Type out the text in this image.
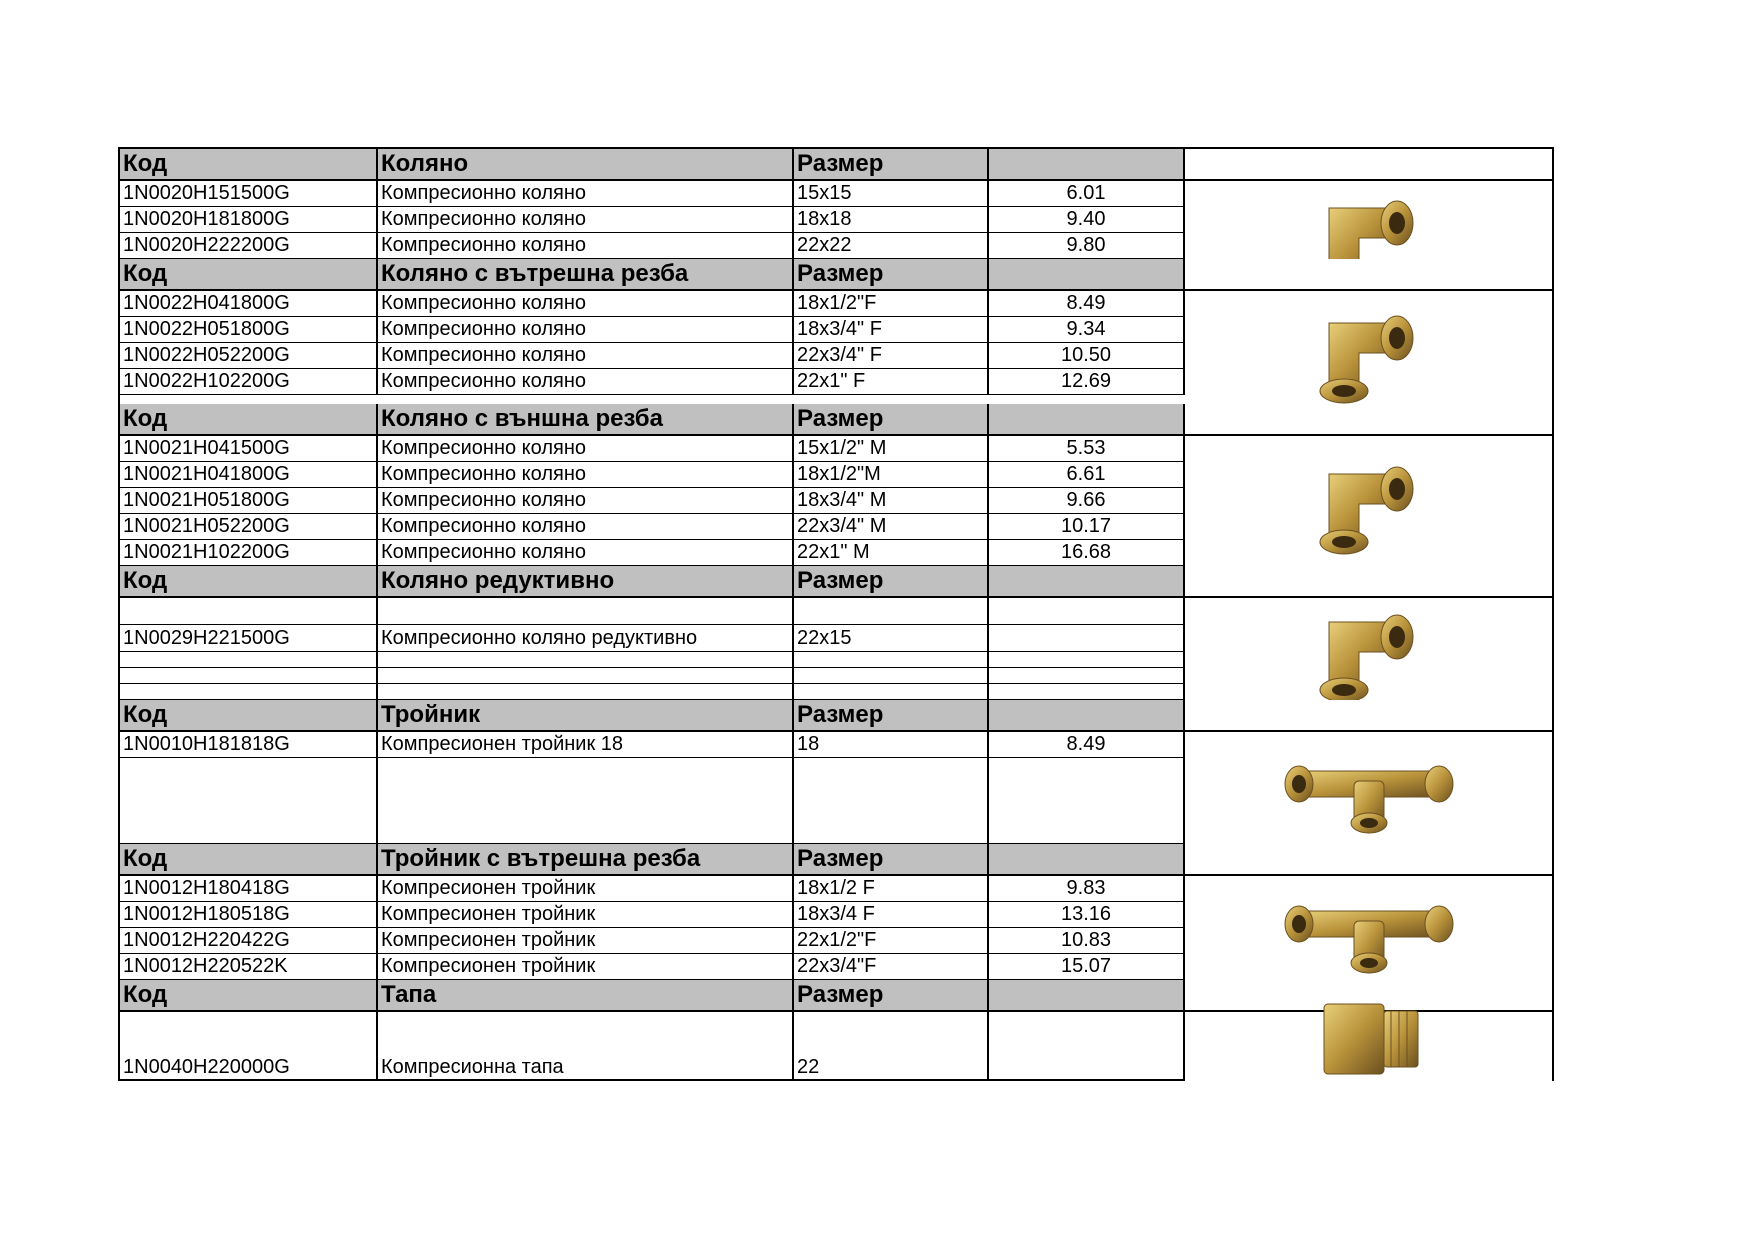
Код	Коляно	Размер
1N0020H151500G	Компресионно коляно	15x15	6.01
1N0020H181800G	Компресионно коляно	18x18	9.40
1N0020H222200G	Компресионно коляно	22x22	9.80
Код	Коляно с вътрешна резба	Размер
1N0022H041800G	Компресионно коляно	18x1/2"F	8.49
1N0022H051800G	Компресионно коляно	18x3/4" F	9.34
1N0022H052200G	Компресионно коляно	22x3/4" F	10.50
1N0022H102200G	Компресионно коляно	22x1" F	12.69
Код	Коляно с външна резба	Размер
1N0021H041500G	Компресионно коляно	15x1/2" M	5.53
1N0021H041800G	Компресионно коляно	18x1/2"M	6.61
1N0021H051800G	Компресионно коляно	18x3/4" M	9.66
1N0021H052200G	Компресионно коляно	22x3/4" M	10.17
1N0021H102200G	Компресионно коляно	22x1" M	16.68
Код	Коляно редуктивно	Размер
1N0029H221500G	Компресионно коляно редуктивно	22x15
Код	Тройник	Размер
1N0010H181818G	Компресионен тройник 18	18	8.49
Код	Тройник с вътрешна резба	Размер
1N0012H180418G	Компресионен тройник	18x1/2 F	9.83
1N0012H180518G	Компресионен тройник	18x3/4 F	13.16
1N0012H220422G	Компресионен тройник	22x1/2"F	10.83
1N0012H220522K	Компресионен тройник	22x3/4"F	15.07
Код	Тапа	Размер
1N0040H220000G	Компресионна тапа	22
